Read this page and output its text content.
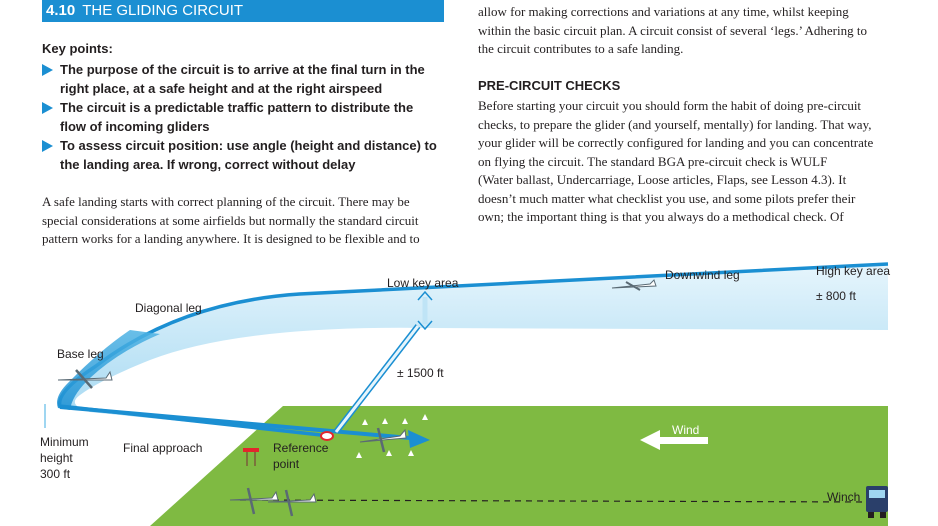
4.10 THE GLIDING CIRCUIT
Key points:
The purpose of the circuit is to arrive at the final turn in the
right place, at a safe height and at the right airspeed
The circuit is a predictable traffic pattern to distribute the
flow of incoming gliders
To assess circuit position: use angle (height and distance) to
the landing area. If wrong, correct without delay

A safe landing starts with correct planning of the circuit. There may be
special considerations at some airfields but normally the standard circuit
pattern works for a landing anywhere. It is designed to be flexible and to

allow for making corrections and variations at any time, whilst keeping
within the basic circuit plan. A circuit consist of several ‘legs.’ Adhering to
the circuit contributes to a safe landing.

PRE-CIRCUIT CHECKS

Before starting your circuit you should form the habit of doing pre-circuit
checks, to prepare the glider (and yourself, mentally) for landing. That way,
your glider will be correctly configured for landing and you can concentrate
on flying the circuit. The standard BGA pre-circuit check is WULF
(Water ballast, Undercarriage, Loose articles, Flaps, see Lesson 4.3). It
doesn’t much matter what checklist you use, and some pilots prefer their
own; the important thing is that you always do a methodical check. Of

Low key area
Downwind leg	High key area
± 800 ft
Diagonal leg
Base leg
± 1500 ft
Minimum
height
300 ft
Final approach	Reference
point
Wind
Winch
